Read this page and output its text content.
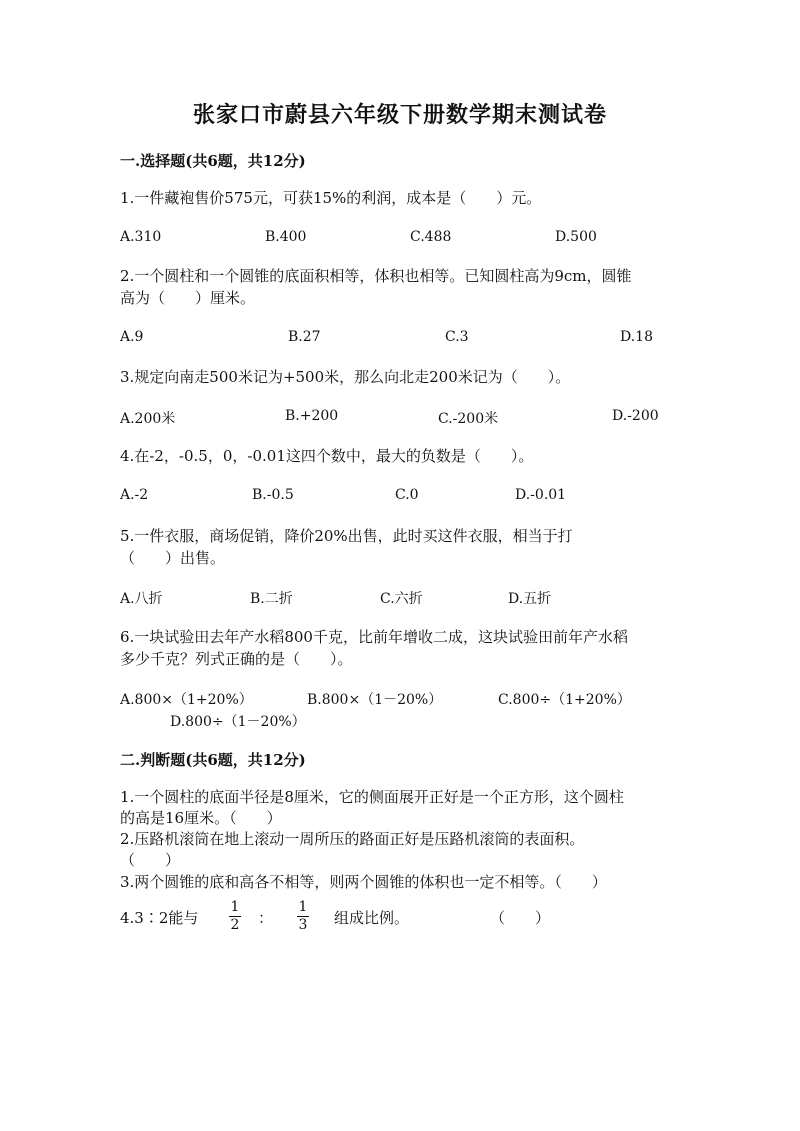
张家口市蔚县六年级下册数学期末测试卷
一.选择题(共6题，共12分)
1.一件藏袍售价575元，可获15%的利润，成本是（　　）元。
A.310	B.400	C.488	D.500
2.一个圆柱和一个圆锥的底面积相等，体积也相等。已知圆柱高为9cm，圆锥
高为（　　）厘米。
A.9	B.27	C.3	D.18
3.规定向南走500米记为+500米，那么向北走200米记为（　　）。
A.200米	B.+200	C.-200米	D.-200
4.在-2，-0.5，0，-0.01这四个数中，最大的负数是（　　）。
A.-2	B.-0.5	C.0	D.-0.01
5.一件衣服，商场促销，降价20%出售，此时买这件衣服，相当于打
（　　）出售。
A.八折	B.二折	C.六折	D.五折
6.一块试验田去年产水稻800千克，比前年增收二成，这块试验田前年产水稻
多少千克？列式正确的是（　　）。
A.800×（1+20%）	B.800×（1－20%）	C.800÷（1+20%）
D.800÷（1－20%）
二.判断题(共6题，共12分)
1.一个圆柱的底面半径是8厘米，它的侧面展开正好是一个正方形，这个圆柱
的高是16厘米。（　　）
2.压路机滚筒在地上滚动一周所压的路面正好是压路机滚筒的表面积。
（　　）
3.两个圆锥的底和高各不相等，则两个圆锥的体积也一定不相等。（　　）
4.3∶2能与
1
2 ：
1
3 组成比例。	（　　）
